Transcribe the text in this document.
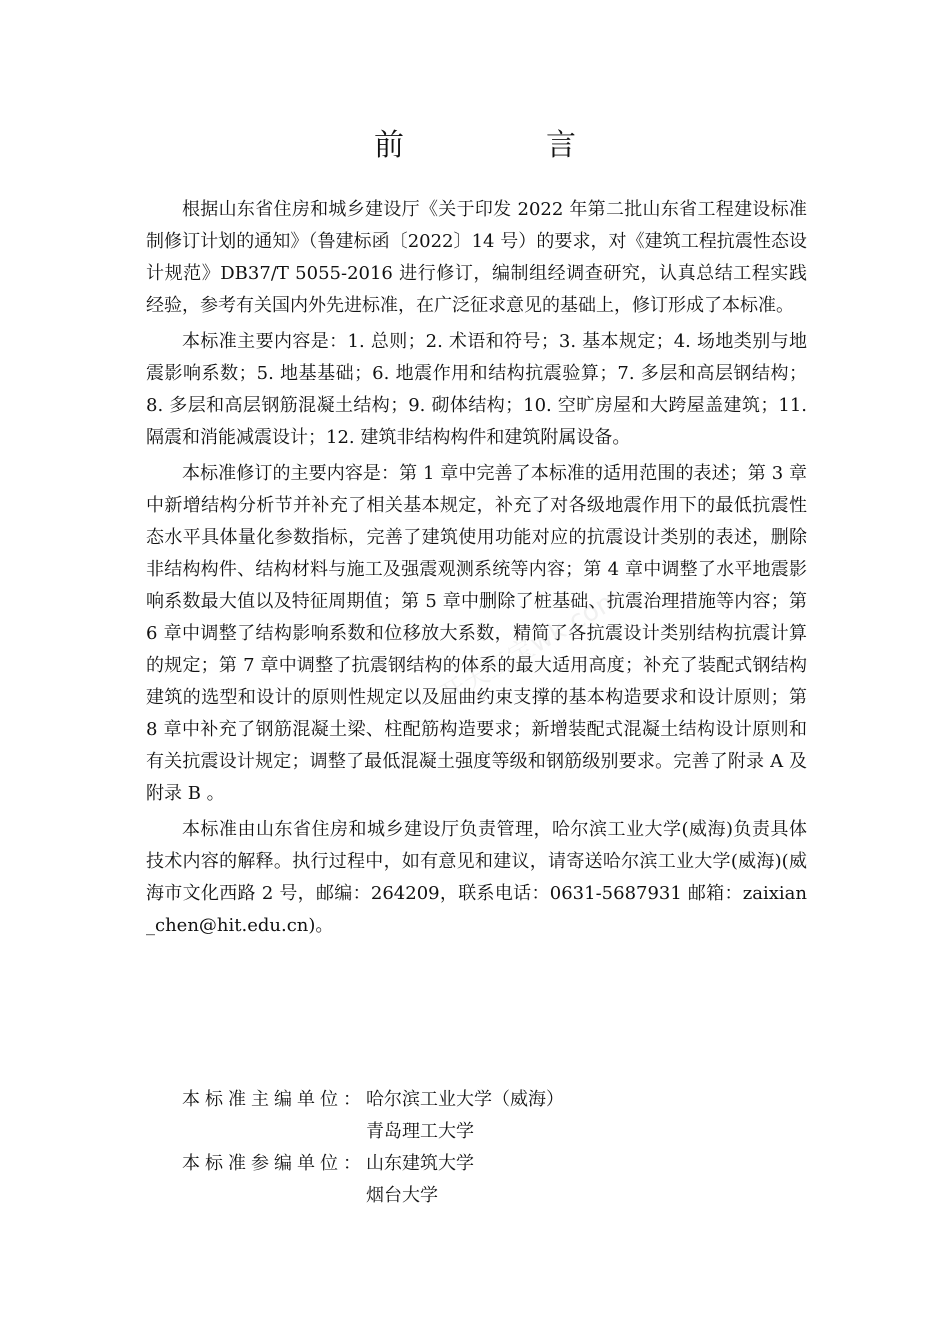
前　言

根据山东省住房和城乡建设厅《关于印发 2022 年第二批山东省工程建设标准制修订计划的通知》（鲁建标函〔2022〕14 号）的要求，对《建筑工程抗震性态设计规范》DB37/T 5055-2016 进行修订，编制组经调查研究，认真总结工程实践经验，参考有关国内外先进标准，在广泛征求意见的基础上，修订形成了本标准。

本标准主要内容是：1. 总则；2. 术语和符号；3. 基本规定；4. 场地类别与地震影响系数；5. 地基基础；6. 地震作用和结构抗震验算；7. 多层和高层钢结构；8. 多层和高层钢筋混凝土结构；9. 砌体结构；10. 空旷房屋和大跨屋盖建筑；11. 隔震和消能减震设计；12. 建筑非结构构件和建筑附属设备。

本标准修订的主要内容是：第 1 章中完善了本标准的适用范围的表述；第 3 章中新增结构分析节并补充了相关基本规定，补充了对各级地震作用下的最低抗震性态水平具体量化参数指标，完善了建筑使用功能对应的抗震设计类别的表述，删除非结构构件、结构材料与施工及强震观测系统等内容；第 4 章中调整了水平地震影响系数最大值以及特征周期值；第 5 章中删除了桩基础、抗震治理措施等内容；第 6 章中调整了结构影响系数和位移放大系数，精简了各抗震设计类别结构抗震计算的规定；第 7 章中调整了抗震钢结构的体系的最大适用高度；补充了装配式钢结构建筑的选型和设计的原则性规定以及屈曲约束支撑的基本构造要求和设计原则；第 8 章中补充了钢筋混凝土梁、柱配筋构造要求；新增装配式混凝土结构设计原则和有关抗震设计规定；调整了最低混凝土强度等级和钢筋级别要求。完善了附录 A 及附录 B 。

本标准由山东省住房和城乡建设厅负责管理，哈尔滨工业大学(威海)负责具体技术内容的解释。执行过程中，如有意见和建议，请寄送哈尔滨工业大学(威海)(威海市文化西路 2 号，邮编：264209，联系电话：0631-5687931 邮箱：zaixian_chen@hit.edu.cn)。

本标准主编单位： 哈尔滨工业大学（威海）
青岛理工大学
本标准参编单位： 山东建筑大学
烟台大学
开天工宝wk.com
